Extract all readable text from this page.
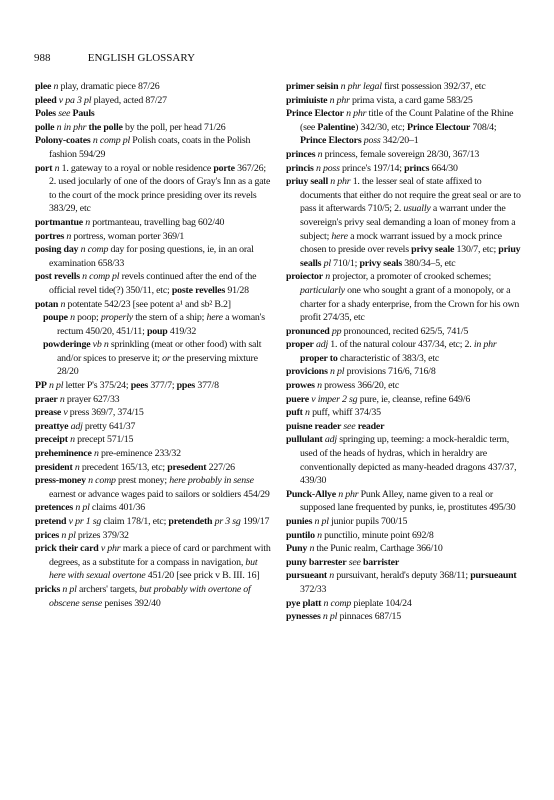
988	ENGLISH GLOSSARY

plee n play, dramatic piece 87/26

pleed v pa 3 pl played, acted 87/27

Poles see Pauls

polle n in phr the polle by the poll, per head 71/26

Polony-coates n comp pl Polish coats, coats in the Polish fashion 594/29

port n 1. gateway to a royal or noble residence porte 367/26; 2. used jocularly of one of the doors of Gray's Inn as a gate to the court of the mock prince presiding over its revels 383/29, etc

portmantue n portmanteau, travelling bag 602/40

portres n portress, woman porter 369/1

posing day n comp day for posing questions, ie, in an oral examination 658/33

post revells n comp pl revels continued after the end of the official revel tide(?) 350/11, etc; poste revelles 91/28

potan n potentate 542/23 [see potent a¹ and sb² B.2]

poupe n poop; properly the stern of a ship; here a woman's rectum 450/20, 451/11; poup 419/32

powderinge vb n sprinkling (meat or other food) with salt and/or spices to preserve it; or the preserving mixture 28/20

PP n pl letter P's 375/24; pees 377/7; ppes 377/8

praer n prayer 627/33

prease v press 369/7, 374/15

preattye adj pretty 641/37

preceipt n precept 571/15

preheminence n pre-eminence 233/32

president n precedent 165/13, etc; presedent 227/26

press-money n comp prest money; here probably in sense earnest or advance wages paid to sailors or soldiers 454/29

pretences n pl claims 401/36

pretend v pr 1 sg claim 178/1, etc; pretendeth pr 3 sg 199/17

prices n pl prizes 379/32

prick their card v phr mark a piece of card or parchment with degrees, as a substitute for a compass in navigation, but here with sexual overtone 451/20 [see prick v B. III. 16]

pricks n pl archers' targets, but probably with overtone of obscene sense penises 392/40

primer seisin n phr legal first possession 392/37, etc

primiuiste n phr prima vista, a card game 583/25

Prince Elector n phr title of the Count Palatine of the Rhine (see Palentine) 342/30, etc; Prince Electour 708/4; Prince Electors poss 342/20–1

princes n princess, female sovereign 28/30, 367/13

princis n poss prince's 197/14; princs 664/30

priuy seall n phr 1. the lesser seal of state affixed to documents that either do not require the great seal or are to pass it afterwards 710/5; 2. usually a warrant under the sovereign's privy seal demanding a loan of money from a subject; here a mock warrant issued by a mock prince chosen to preside over revels privy seale 130/7, etc; priuy sealls pl 710/1; privy seals 380/34–5, etc

proiector n projector, a promoter of crooked schemes; particularly one who sought a grant of a monopoly, or a charter for a shady enterprise, from the Crown for his own profit 274/35, etc

pronunced pp pronounced, recited 625/5, 741/5

proper adj 1. of the natural colour 437/34, etc; 2. in phr proper to characteristic of 383/3, etc

provicions n pl provisions 716/6, 716/8

prowes n prowess 366/20, etc

puere v imper 2 sg pure, ie, cleanse, refine 649/6

puft n puff, whiff 374/35

puisne reader see reader

pullulant adj springing up, teeming: a mock-heraldic term, used of the heads of hydras, which in heraldry are conventionally depicted as many-headed dragons 437/37, 439/30

Punck-Allye n phr Punk Alley, name given to a real or supposed lane frequented by punks, ie, prostitutes 495/30

punies n pl junior pupils 700/15

puntilo n punctilio, minute point 692/8

Puny n the Punic realm, Carthage 366/10

puny barrester see barrister

pursueant n pursuivant, herald's deputy 368/11; pursueaunt 372/33

pye platt n comp pieplate 104/24

pynesses n pl pinnaces 687/15
